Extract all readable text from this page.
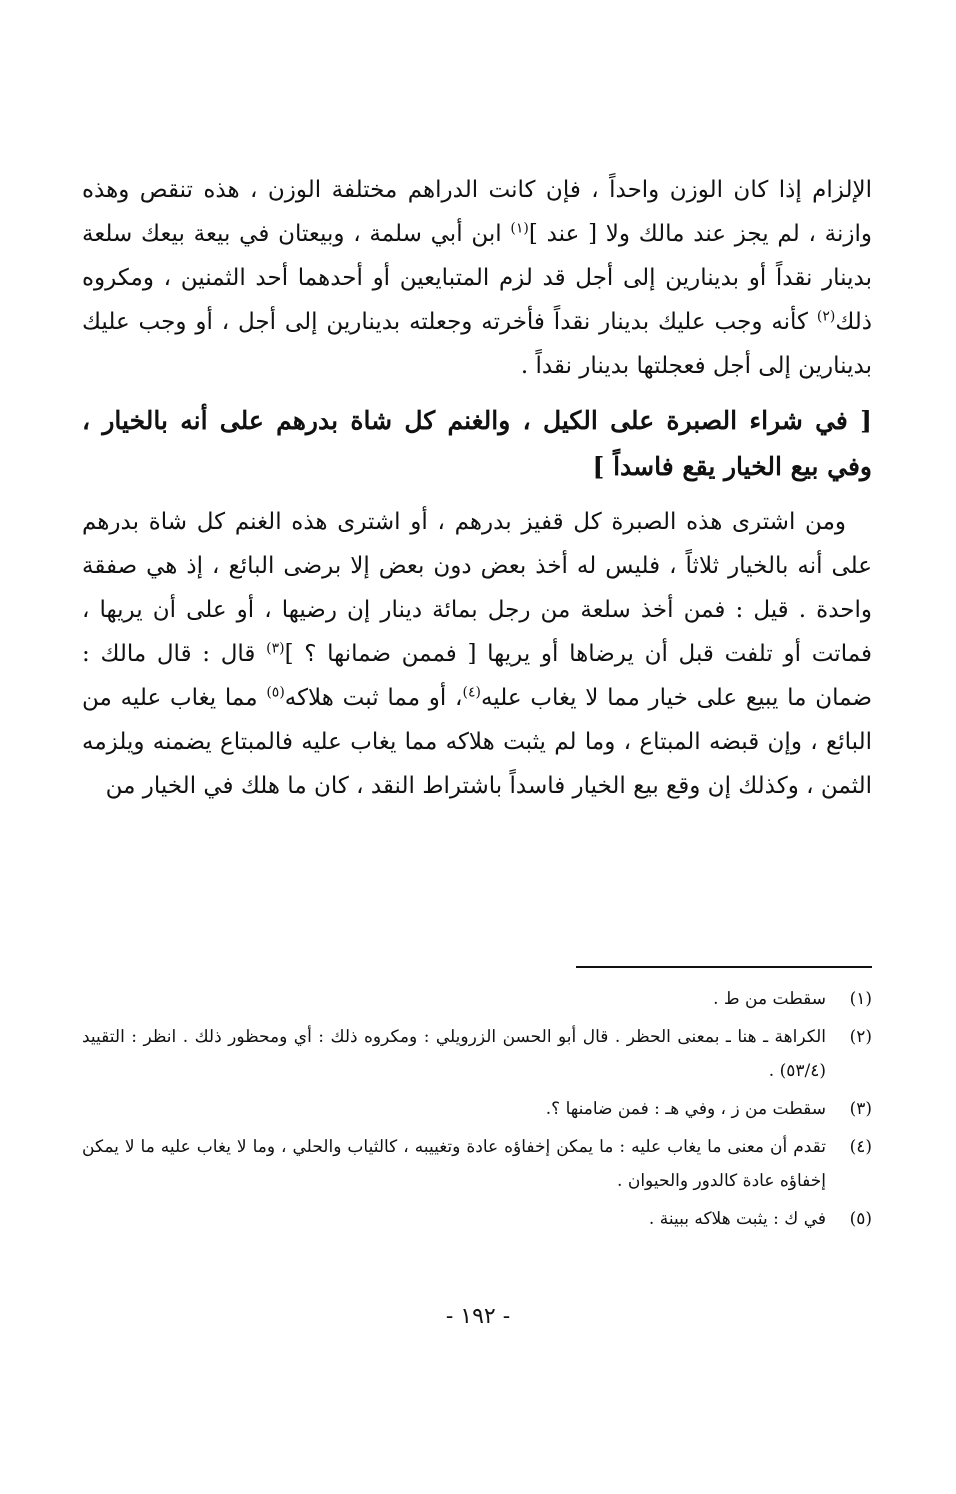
الإلزام إذا كان الوزن واحداً ، فإن كانت الدراهم مختلفة الوزن ، هذه تنقص وهذه وازنة ، لم يجز عند مالك ولا [ عند ]$^{(١)}$ ابن أبي سلمة ، وبيعتان في بيعة بيعك سلعة بدينار نقداً أو بدينارين إلى أجل قد لزم المتبايعين أو أحدهما أحد الثمنين ، ومكروه ذلك$^{(٢)}$ كأنه وجب عليك بدينار نقداً فأخرته وجعلته بدينارين إلى أجل ، أو وجب عليك بدينارين إلى أجل فعجلتها بدينار نقداً .

[ في شراء الصبرة على الكيل ، والغنم كل شاة بدرهم على أنه بالخيار ، وفي بيع الخيار يقع فاسداً ]

ومن اشترى هذه الصبرة كل قفيز بدرهم ، أو اشترى هذه الغنم كل شاة بدرهم على أنه بالخيار ثلاثاً ، فليس له أخذ بعض دون بعض إلا برضى البائع ، إذ هي صفقة واحدة . قيل : فمن أخذ سلعة من رجل بمائة دينار إن رضيها ، أو على أن يريها ، فماتت أو تلفت قبل أن يرضاها أو يريها [ فممن ضمانها ؟ ]$^{(٣)}$ قال : قال مالك : ضمان ما يبيع على خيار مما لا يغاب عليه$^{(٤)}$، أو مما ثبت هلاكه$^{(٥)}$ مما يغاب عليه من البائع ، وإن قبضه المبتاع ، وما لم يثبت هلاكه مما يغاب عليه فالمبتاع يضمنه ويلزمه الثمن ، وكذلك إن وقع بيع الخيار فاسداً باشتراط النقد ، كان ما هلك في الخيار من

(١)
سقطت من ط .
(٢)
الكراهة ـ هنا ـ بمعنى الحظر . قال أبو الحسن الزرويلي : ومكروه ذلك : أي ومحظور ذلك . انظر : التقييد (٥٣/٤) .
(٣)
سقطت من ز ، وفي هـ : فمن ضامنها ؟.
(٤)
تقدم أن معنى ما يغاب عليه : ما يمكن إخفاؤه عادة وتغييبه ، كالثياب والحلي ، وما لا يغاب عليه ما لا يمكن إخفاؤه عادة كالدور والحيوان .
(٥)
في ك : يثبت هلاكه ببينة .
- ١٩٢ -
